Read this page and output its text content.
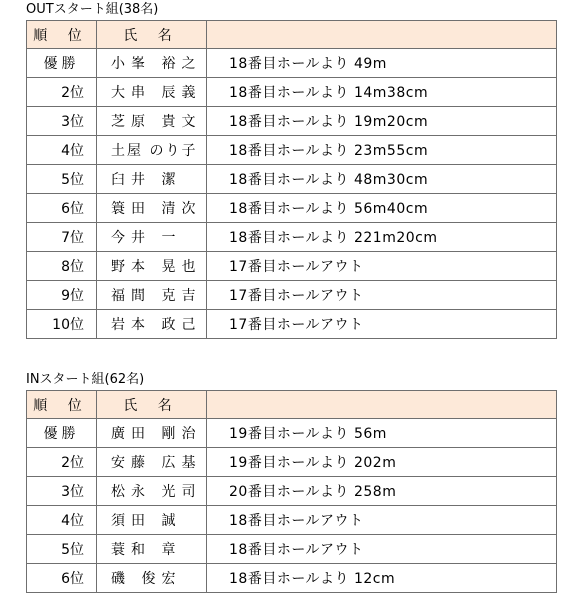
OUTスタート組(38名)
順 位	氏 名	
優勝	小峯 裕之	18番目ホールより 49m
2位	大串 辰義	18番目ホールより 14m38cm
3位	芝原 貴文	18番目ホールより 19m20cm
4位	土屋 のり子	18番目ホールより 23m55cm
5位	臼井 潔	18番目ホールより 48m30cm
6位	簑田 清次	18番目ホールより 56m40cm
7位	今井 一	18番目ホールより 221m20cm
8位	野本 晃也	17番目ホールアウト
9位	福間 克吉	17番目ホールアウト
10位	岩本 政己	17番目ホールアウト
INスタート組(62名)
順 位	氏 名	
優勝	廣田 剛治	19番目ホールより 56m
2位	安藤 広基	19番目ホールより 202m
3位	松永 光司	20番目ホールより 258m
4位	須田 誠	18番目ホールアウト
5位	蓑和 章	18番目ホールアウト
6位	磯 俊宏	18番目ホールより 12cm
